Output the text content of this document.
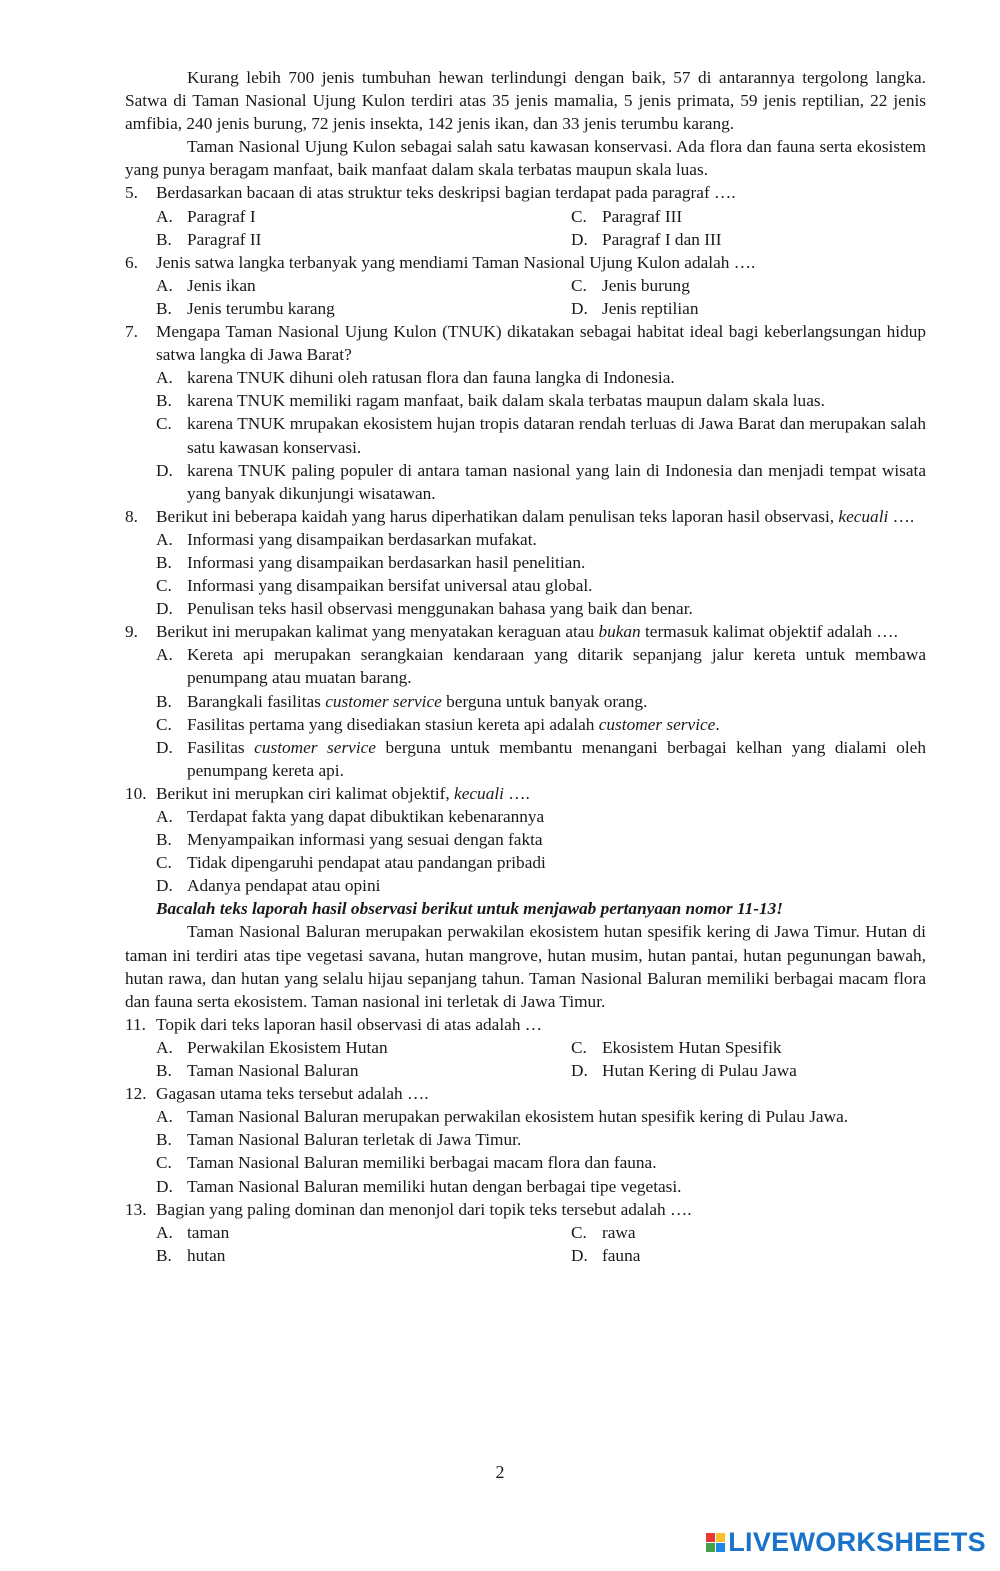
Kurang lebih 700 jenis tumbuhan hewan terlindungi dengan baik, 57 di antarannya tergolong langka. Satwa di Taman Nasional Ujung Kulon terdiri atas 35 jenis mamalia, 5 jenis primata, 59 jenis reptilian, 22 jenis amfibia, 240 jenis burung, 72 jenis insekta, 142 jenis ikan, dan 33 jenis terumbu karang.

Taman Nasional Ujung Kulon sebagai salah satu kawasan konservasi. Ada flora dan fauna serta ekosistem yang punya beragam manfaat, baik manfaat dalam skala terbatas maupun skala luas.

5. Berdasarkan bacaan di atas struktur teks deskripsi bagian terdapat pada paragraf ….
A. Paragraf I	C. Paragraf III
B. Paragraf II	D. Paragraf I dan III
6. Jenis satwa langka terbanyak yang mendiami Taman Nasional Ujung Kulon adalah ….
A. Jenis ikan	C. Jenis burung
B. Jenis terumbu karang	D. Jenis reptilian
7. Mengapa Taman Nasional Ujung Kulon (TNUK) dikatakan sebagai habitat ideal bagi keberlangsungan hidup satwa langka di Jawa Barat?
A. karena TNUK dihuni oleh ratusan flora dan fauna langka di Indonesia.
B. karena TNUK memiliki ragam manfaat, baik dalam skala terbatas maupun dalam skala luas.
C. karena TNUK mrupakan ekosistem hujan tropis dataran rendah terluas di Jawa Barat dan merupakan salah satu kawasan konservasi.
D. karena TNUK paling populer di antara taman nasional yang lain di Indonesia dan menjadi tempat wisata yang banyak dikunjungi wisatawan.
8. Berikut ini beberapa kaidah yang harus diperhatikan dalam penulisan teks laporan hasil observasi, kecuali ….
A. Informasi yang disampaikan berdasarkan mufakat.
B. Informasi yang disampaikan berdasarkan hasil penelitian.
C. Informasi yang disampaikan bersifat universal atau global.
D. Penulisan teks hasil observasi menggunakan bahasa yang baik dan benar.
9. Berikut ini merupakan kalimat yang menyatakan keraguan atau bukan termasuk kalimat objektif adalah ….
A. Kereta api merupakan serangkaian kendaraan yang ditarik sepanjang jalur kereta untuk membawa penumpang atau muatan barang.
B. Barangkali fasilitas customer service berguna untuk banyak orang.
C. Fasilitas pertama yang disediakan stasiun kereta api adalah customer service.
D. Fasilitas customer service berguna untuk membantu menangani berbagai kelhan yang dialami oleh penumpang kereta api.
10. Berikut ini merupkan ciri kalimat objektif, kecuali ….
A. Terdapat fakta yang dapat dibuktikan kebenarannya
B. Menyampaikan informasi yang sesuai dengan fakta
C. Tidak dipengaruhi pendapat atau pandangan pribadi
D. Adanya pendapat atau opini
Bacalah teks laporah hasil observasi berikut untuk menjawab pertanyaan nomor 11-13!

Taman Nasional Baluran merupakan perwakilan ekosistem hutan spesifik kering di Jawa Timur. Hutan di taman ini terdiri atas tipe vegetasi savana, hutan mangrove, hutan musim, hutan pantai, hutan pegunungan bawah, hutan rawa, dan hutan yang selalu hijau sepanjang tahun. Taman Nasional Baluran memiliki berbagai macam flora dan fauna serta ekosistem. Taman nasional ini terletak di Jawa Timur.

11. Topik dari teks laporan hasil observasi di atas adalah …
A. Perwakilan Ekosistem Hutan	C. Ekosistem Hutan Spesifik
B. Taman Nasional Baluran	D. Hutan Kering di Pulau Jawa
12. Gagasan utama teks tersebut adalah ….
A. Taman Nasional Baluran merupakan perwakilan ekosistem hutan spesifik kering di Pulau Jawa.
B. Taman Nasional Baluran terletak di Jawa Timur.
C. Taman Nasional Baluran memiliki berbagai macam flora dan fauna.
D. Taman Nasional Baluran memiliki hutan dengan berbagai tipe vegetasi.
13. Bagian yang paling dominan dan menonjol dari topik teks tersebut adalah ….
A. taman	C. rawa
B. hutan	D. fauna
2
LIVEWORKSHEETS
